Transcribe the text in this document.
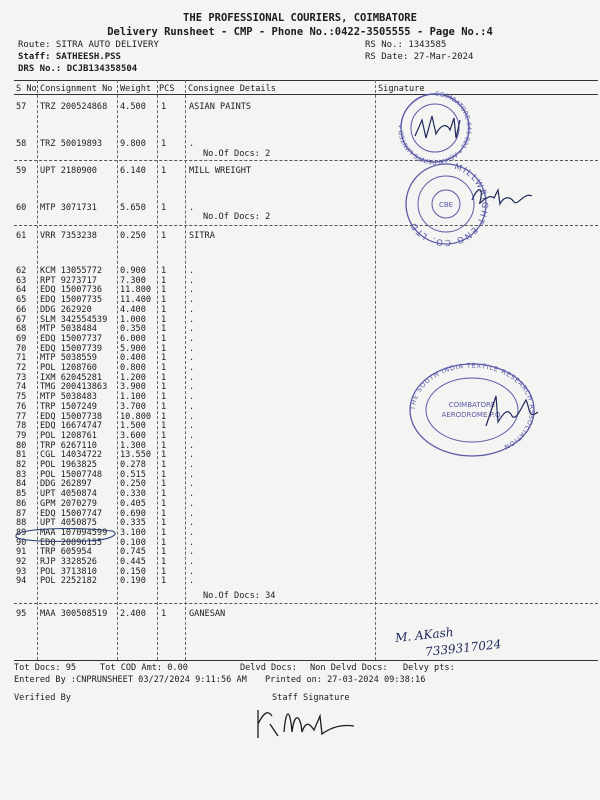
THE PROFESSIONAL COURIERS, COIMBATORE
Delivery Runsheet - CMP - Phone No.:0422-3505555 - Page No.:4
Route: SITRA AUTO DELIVERY
Staff: SATHEESH.PSS
DRS No.: DCJB134358504
RS No.: 1343585
RS Date: 27-Mar-2024
S No Consignment No Weight PCS Consignee Details	Signature
57 TRZ 200524868 4.500 1	ASIAN PAINTS
58 TRZ 50019893 9.800 1	.
No.Of Docs: 2
59 UPT 2180900	6.140 1	MILL WREIGHT
60 MTP 3071731	5.650 1	.
No.Of Docs: 2
61 VRR 7353238	0.250 1	SITRA
62 KCM 13055772 0.900 1	.
63 RPT 9273717	7.300 1	.
64 EDQ 15007736 11.800 1	.
65 EDQ 15007735 11.400 1	.
66 DDG 262920	4.400 1	.
67 SLM 342554539 1.000 1	.
68 MTP 5038484	0.350 1	.
69 EDQ 15007737 6.000 1	.
70 EDQ 15007739 5.900 1	.
71 MTP 5038559	0.400 1	.
72 POL 1208760	0.800 1	.
73 IXM 62045281 1.200 1	.
74 TMG 200413863 3.900 1	.
75 MTP 5038483	1.100 1	.
76 TRP 1507249	3.700 1	.
77 EDQ 15007738 10.800 1	.
78 EDQ 16674747 1.500 1	.
79 POL 1208761	3.600 1	.
80 TRP 6267110	1.300 1	.
81 CGL 14034722 13.550 1	.
82 POL 1963825	0.278 1	.
83 POL 15007748 0.515 1	.
84 DDG 262897	0.250 1	.
85 UPT 4050874	0.330 1	.
86 GPM 2070279	0.405 1	.
87 EDQ 15007747 0.690 1	.
88 UPT 4050875	0.335 1	.
89 MAA 107094599 3.100 1	.
90 EDQ 20896155 0.100 1	.
91 TRP 605954	0.745 1	.
92 RJP 3328526	0.445 1	.
93 POL 3713810	0.150 1	.
94 POL 2252182	0.190 1	.
No.Of Docs: 34
95 MAA 300508519 2.400 1	GANESAN
COIMBATORE-641 021 * ASIAN PAINTS LIMITED *
MILLWRIGHT ENG CO. LTD
CBE
THE SOUTH INDIA TEXTILE RESEARCH ASSOCIATION
COIMBATORE
AERODROME P.O.
M. AKash
7339317024
Tot Docs: 95	Tot COD Amt: 0.00	Delvd Docs: Non Delvd Docs: Delvy pts:
Entered By :CNPRUNSHEET 03/27/2024 9:11:56 AM Printed on: 27-03-2024 09:38:16
Verified By	Staff Signature
